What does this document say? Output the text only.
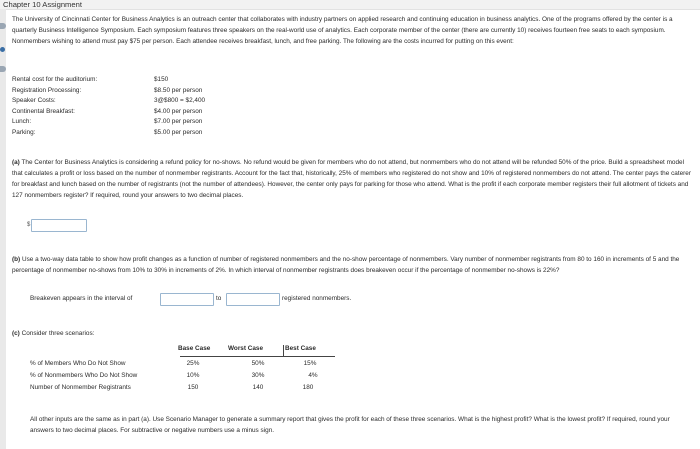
Chapter 10 Assignment
The University of Cincinnati Center for Business Analytics is an outreach center that collaborates with industry partners on applied research and continuing education in business analytics. One of the programs offered by the center is a quarterly Business Intelligence Symposium. Each symposium features three speakers on the real-world use of analytics. Each corporate member of the center (there are currently 10) receives fourteen free seats to each symposium. Nonmembers wishing to attend must pay $75 per person. Each attendee receives breakfast, lunch, and free parking. The following are the costs incurred for putting on this event:
Rental cost for the auditorium:	$150
Registration Processing:	$8.50 per person
Speaker Costs:	3@$800 = $2,400
Continental Breakfast:	$4.00 per person
Lunch:	$7.00 per person
Parking:	$5.00 per person
(a) The Center for Business Analytics is considering a refund policy for no-shows. No refund would be given for members who do not attend, but nonmembers who do not attend will be refunded 50% of the price. Build a spreadsheet model that calculates a profit or loss based on the number of nonmember registrants. Account for the fact that, historically, 25% of members who registered do not show and 10% of registered nonmembers do not attend. The center pays the caterer for breakfast and lunch based on the number of registrants (not the number of attendees). However, the center only pays for parking for those who attend. What is the profit if each corporate member registers their full allotment of tickets and 127 nonmembers register? If required, round your answers to two decimal places.
$
(b) Use a two-way data table to show how profit changes as a function of number of registered nonmembers and the no-show percentage of nonmembers. Vary number of nonmember registrants from 80 to 160 in increments of 5 and the percentage of nonmember no-shows from 10% to 30% in increments of 2%. In which interval of nonmember registrants does breakeven occur if the percentage of nonmember no-shows is 22%?
Breakeven appears in the interval of	to	registered nonmembers.
(c) Consider three scenarios:
Base Case	Worst Case	Best Case
% of Members Who Do Not Show	25%	50%	15%
% of Nonmembers Who Do Not Show	10%	30%	4%
Number of Nonmember Registrants	150	140	180
All other inputs are the same as in part (a). Use Scenario Manager to generate a summary report that gives the profit for each of these three scenarios. What is the highest profit? What is the lowest profit? If required, round your answers to two decimal places. For subtractive or negative numbers use a minus sign.
